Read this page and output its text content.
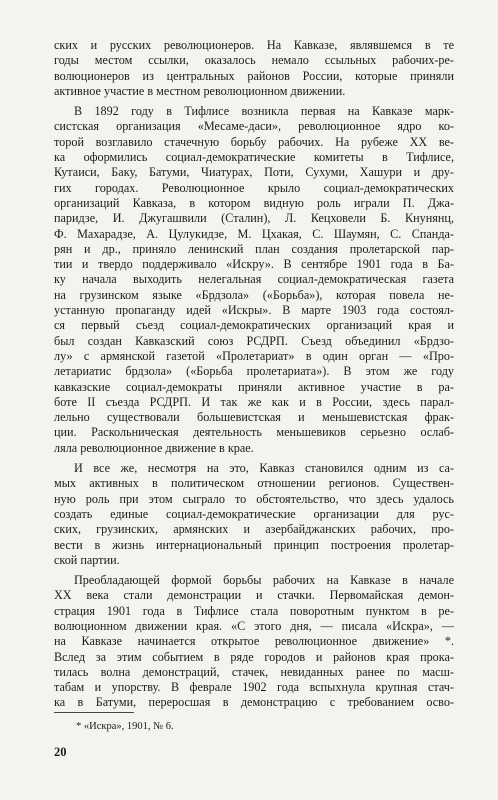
ских и русских революционеров. На Кавказе, являвшемся в те
годы местом ссылки, оказалось немало ссыльных рабочих-ре-
волюционеров из центральных районов России, которые приняли
активное участие в местном революционном движении.
В 1892 году в Тифлисе возникла первая на Кавказе марк-
систская организация «Месаме-даси», революционное ядро ко-
торой возглавило стачечную борьбу рабочих. На рубеже XX ве-
ка оформились социал-демократические комитеты в Тифлисе,
Кутаиси, Баку, Батуми, Чиатурах, Поти, Сухуми, Хашури и дру-
гих городах. Революционное крыло социал-демократических
организаций Кавказа, в котором видную роль играли П. Джа-
паридзе, И. Джугашвили (Сталин), Л. Кецховели Б. Кнунянц,
Ф. Махарадзе, А. Цулукидзе, М. Цхакая, С. Шаумян, С. Спандa-
рян и др., приняло ленинский план создания пролетарской пар-
тии и твердо поддерживало «Искру». В сентябре 1901 года в Ба-
ку начала выходить нелегальная социал-демократическая газета
на грузинском языке «Брдзола» («Борьба»), которая повела не-
устанную пропаганду идей «Искры». В марте 1903 года состоял-
ся первый съезд социал-демократических организаций края и
был создан Кавказский союз РСДРП. Съезд объединил «Брдзо-
лу» с армянской газетой «Пролетариат» в один орган — «Про-
летариатис брдзола» («Борьба пролетариата»). В этом же году
кавказские социал-демократы приняли активное участие в ра-
боте II съезда РСДРП. И так же как и в России, здесь парал-
лельно существовали большевистская и меньшевистская фрак-
ции. Раскольническая деятельность меньшевиков серьезно ослаб-
ляла революционное движение в крае.
И все же, несмотря на это, Кавказ становился одним из са-
мых активных в политическом отношении регионов. Существен-
ную роль при этом сыграло то обстоятельство, что здесь удалось
создать единые социал-демократические организации для рус-
ских, грузинских, армянских и азербайджанских рабочих, про-
вести в жизнь интернациональный принцип построения пролетар-
ской партии.
Преобладающей формой борьбы рабочих на Кавказе в начале
XX века стали демонстрации и стачки. Первомайская демон-
страция 1901 года в Тифлисе стала поворотным пунктом в ре-
волюционном движении края. «С этого дня, — писала «Искра», —
на Кавказе начинается открытое революционное движение» *.
Вслед за этим событием в ряде городов и районов края прока-
тилась волна демонстраций, стачек, невиданных ранее по масш-
табам и упорству. В феврале 1902 года вспыхнула крупная стач-
ка в Батуми, переросшая в демонстрацию с требованием осво-
* «Искра», 1901, № 6.
20
